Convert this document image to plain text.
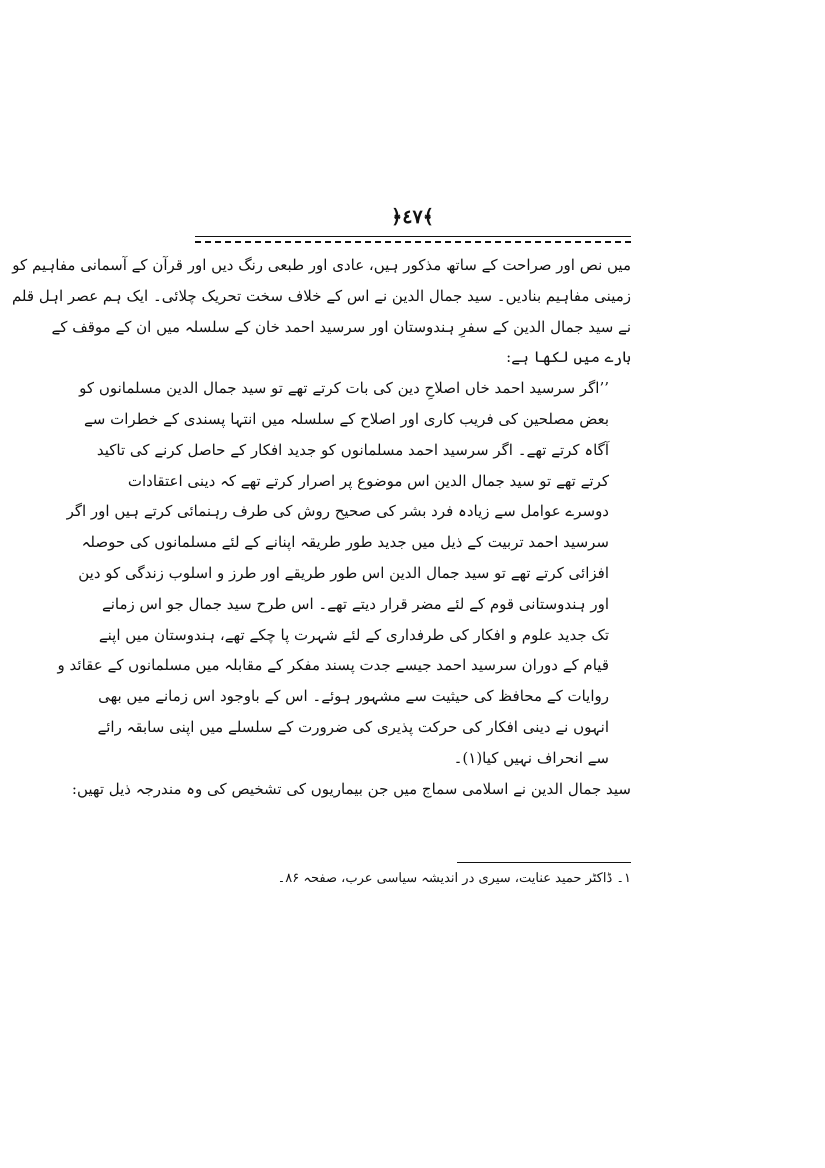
﴿٤٧﴾
میں نص اور صراحت کے ساتھ مذکور ہیں، عادی اور طبعی رنگ دیں اور قرآن کے آسمانی مفاہیم کو
زمینی مفاہیم بنادیں۔ سید جمال الدین نے اس کے خلاف سخت تحریک چلائی۔ ایک ہم عصر اہل قلم
نے سید جمال الدین کے سفرِ ہندوستان اور سرسید احمد خان کے سلسلہ میں ان کے موقف کے
بارے میں لکھا ہے:
’’اگر سرسید احمد خاں اصلاحِ دین کی بات کرتے تھے تو سید جمال الدین مسلمانوں کو
بعض مصلحین کی فریب کاری اور اصلاح کے سلسلہ میں انتہا پسندی کے خطرات سے
آگاہ کرتے تھے۔ اگر سرسید احمد مسلمانوں کو جدید افکار کے حاصل کرنے کی تاکید
کرتے تھے تو سید جمال الدین اس موضوع پر اصرار کرتے تھے کہ دینی اعتقادات
دوسرے عوامل سے زیادہ فرد بشر کی صحیح روش کی طرف رہنمائی کرتے ہیں اور اگر
سرسید احمد تربیت کے ذیل میں جدید طور طریقہ اپنانے کے لئے مسلمانوں کی حوصلہ
افزائی کرتے تھے تو سید جمال الدین اس طور طریقے اور طرز و اسلوب زندگی کو دین
اور ہندوستانی قوم کے لئے مضر قرار دیتے تھے۔ اس طرح سید جمال جو اس زمانے
تک جدید علوم و افکار کی طرفداری کے لئے شہرت پا چکے تھے، ہندوستان میں اپنے
قیام کے دوران سرسید احمد جیسے جدت پسند مفکر کے مقابلہ میں مسلمانوں کے عقائد و
روایات کے محافظ کی حیثیت سے مشہور ہوئے۔ اس کے باوجود اس زمانے میں بھی
انہوں نے دینی افکار کی حرکت پذیری کی ضرورت کے سلسلے میں اپنی سابقہ رائے
سے انحراف نہیں کیا(۱)۔
سید جمال الدین نے اسلامی سماج میں جن بیماریوں کی تشخیص کی وہ مندرجہ ذیل تھیں:
۱۔ ڈاکٹر حمید عنایت، سیری در اندیشہ سیاسی عرب، صفحہ ۸۶۔
